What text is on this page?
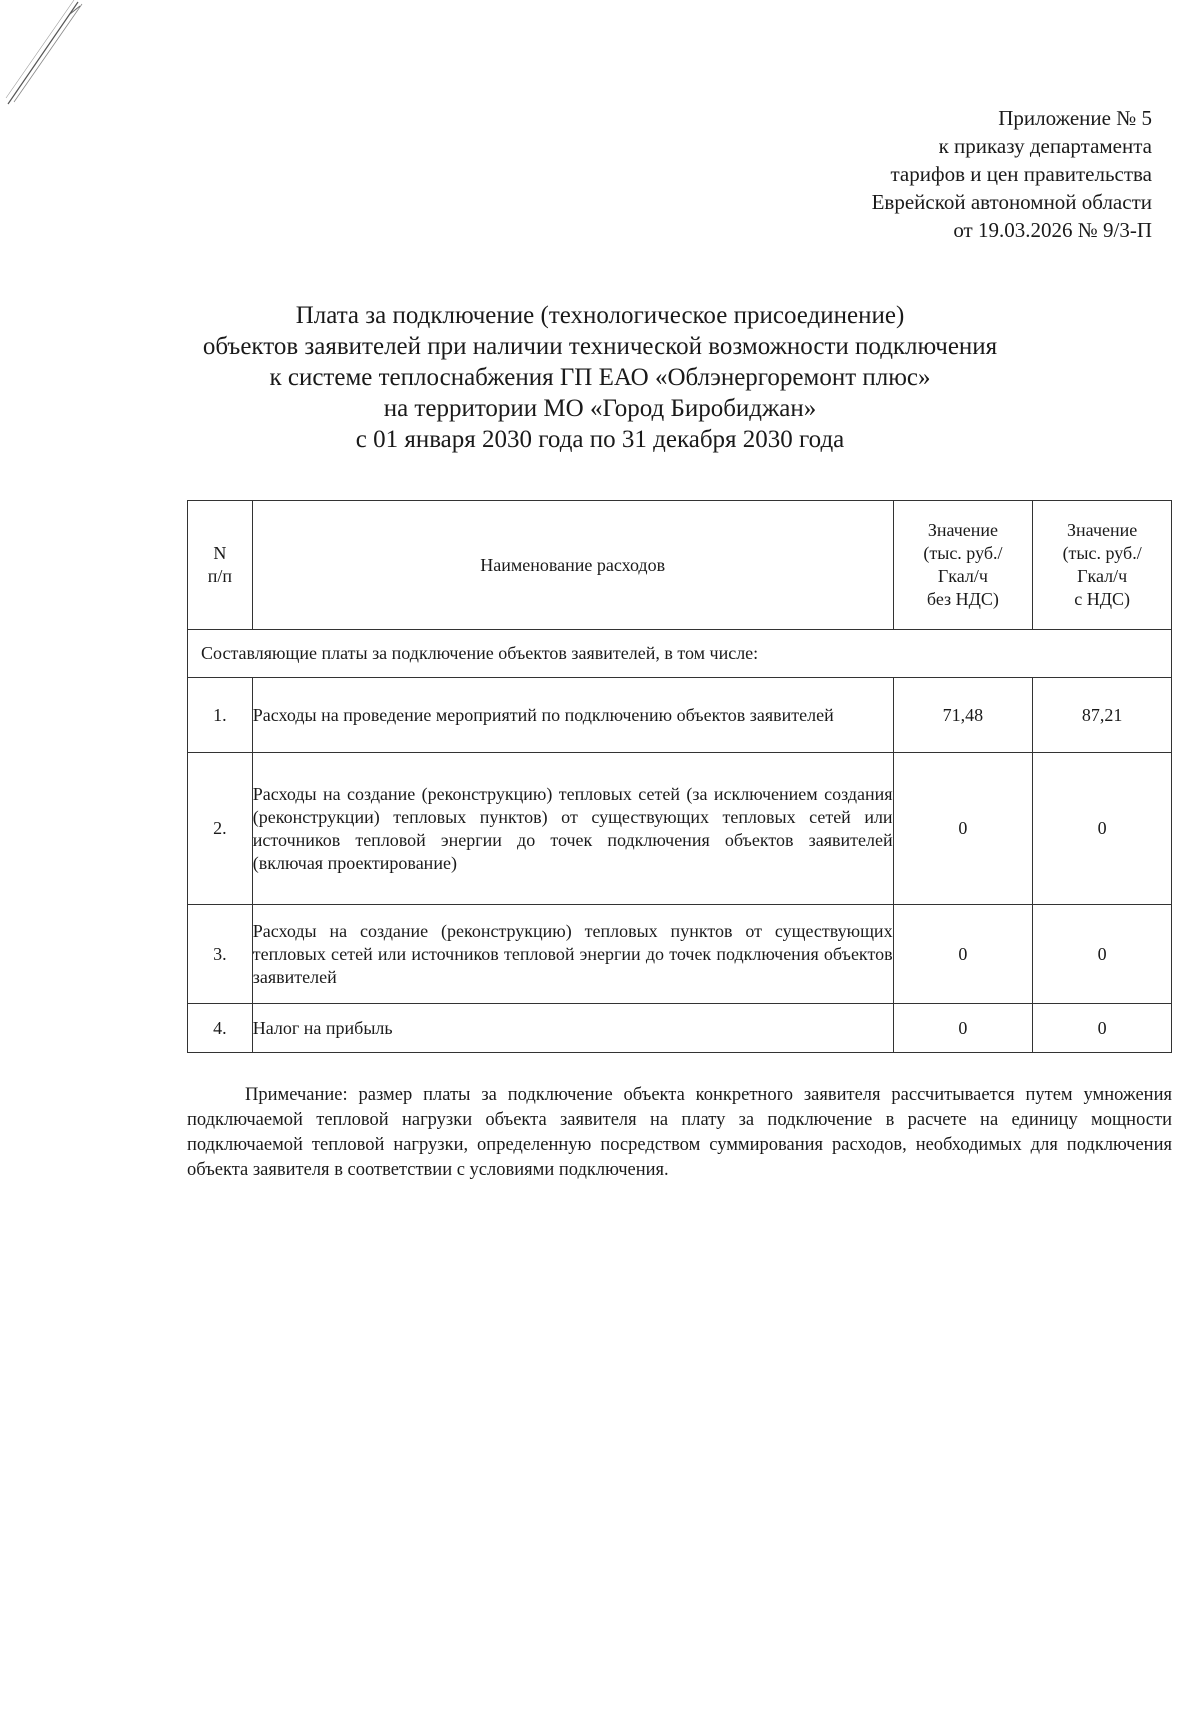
Приложение № 5
к приказу департамента
тарифов и цен правительства
Еврейской автономной области
от 19.03.2026 № 9/3-П
Плата за подключение (технологическое присоединение)
объектов заявителей при наличии технической возможности подключения
к системе теплоснабжения ГП ЕАО «Облэнергоремонт плюс»
на территории МО «Город Биробиджан»
с 01 января 2030 года по 31 декабря 2030 года
N
п/п	Наименование расходов	Значение
(тыс. руб./
Гкал/ч
без НДС)	Значение
(тыс. руб./
Гкал/ч
с НДС)

Составляющие платы за подключение объектов заявителей, в том числе:			
1.	Расходы на проведение мероприятий по подключению объектов заявителей	71,48	87,21
2.	Расходы на создание (реконструкцию) тепловых сетей (за исключением создания (реконструкции) тепловых пунктов) от существующих тепловых сетей или источников тепловой энергии до точек подключения объектов заявителей (включая проектирование)	0	0
3.	Расходы на создание (реконструкцию) тепловых пунктов от существующих тепловых сетей или источников тепловой энергии до точек подключения объектов заявителей	0	0
4.	Налог на прибыль	0	0
Примечание: размер платы за подключение объекта конкретного заявителя рассчитывается путем умножения подключаемой тепловой нагрузки объекта заявителя на плату за подключение в расчете на единицу мощности подключаемой тепловой нагрузки, определенную посредством суммирования расходов, необходимых для подключения объекта заявителя в соответствии с условиями подключения.
